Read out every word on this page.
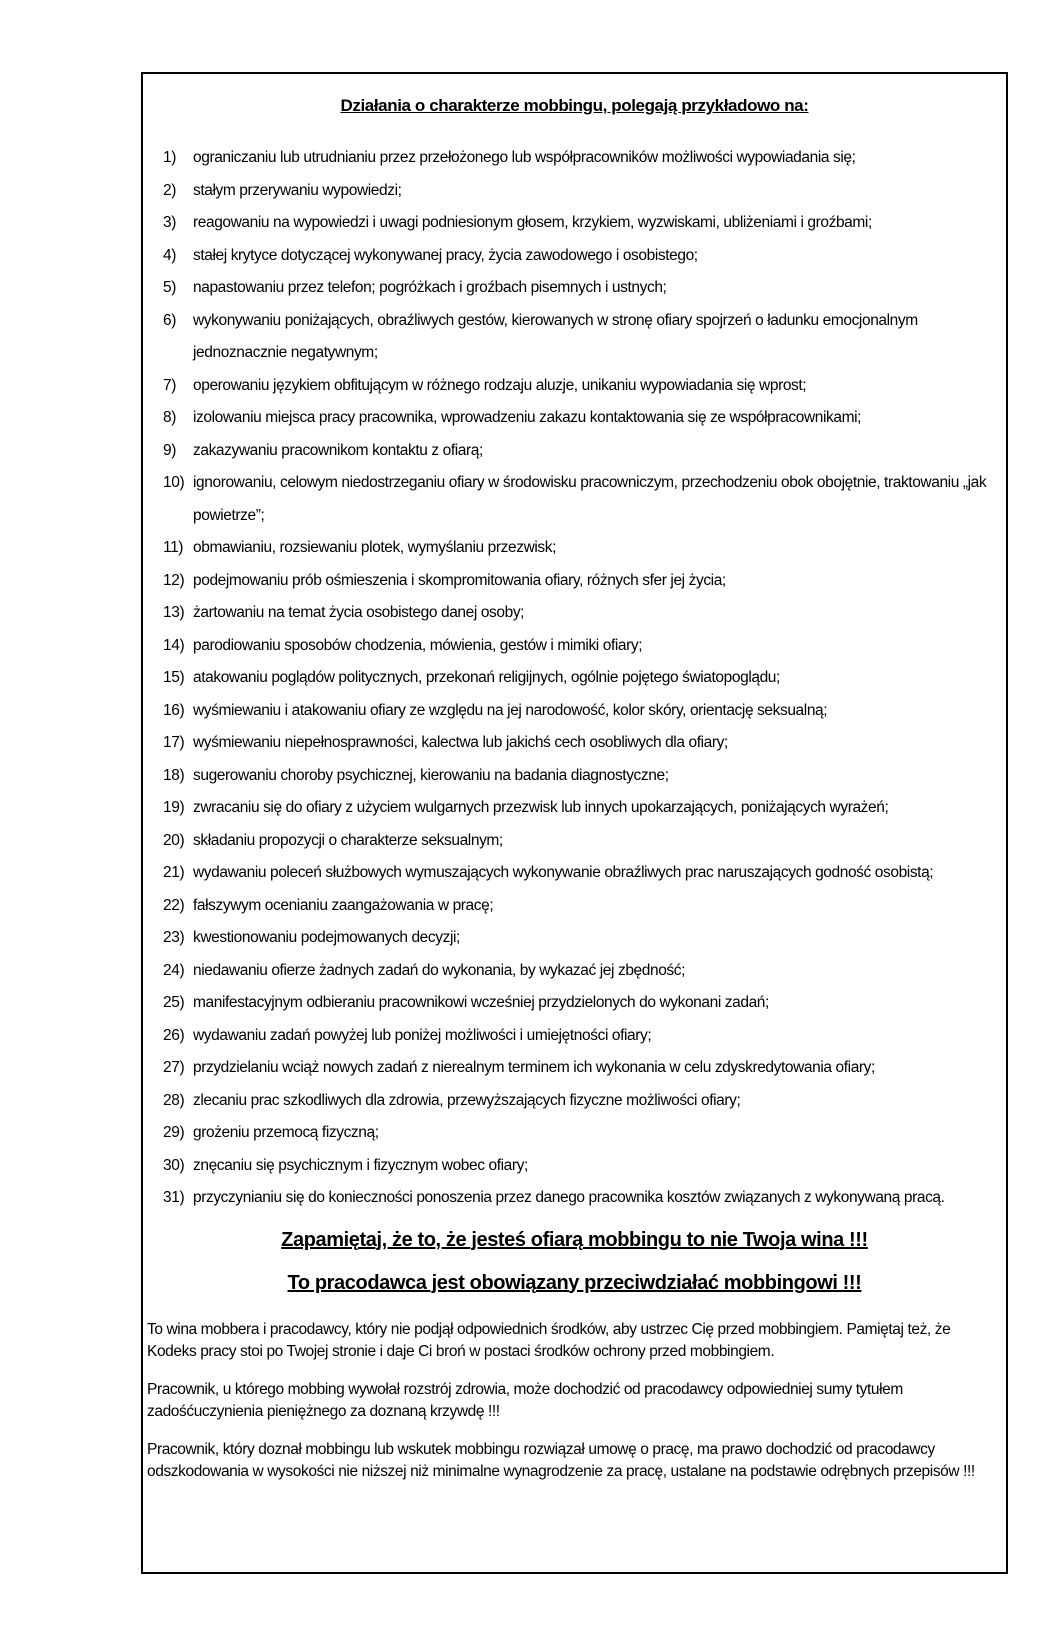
Działania o charakterze mobbingu, polegają przykładowo na:
1)	ograniczaniu lub utrudnianiu przez przełożonego lub współpracowników możliwości wypowiadania się;
2)	stałym przerywaniu wypowiedzi;
3)	reagowaniu na wypowiedzi i uwagi podniesionym głosem, krzykiem, wyzwiskami, ubliżeniami i groźbami;
4)	stałej krytyce dotyczącej wykonywanej pracy, życia zawodowego i osobistego;
5)	napastowaniu przez telefon; pogróżkach i groźbach pisemnych i ustnych;
6)	wykonywaniu poniżających, obraźliwych gestów, kierowanych w stronę ofiary spojrzeń o ładunku emocjonalnym jednoznacznie negatywnym;
7)	operowaniu językiem obfitującym w różnego rodzaju aluzje, unikaniu wypowiadania się wprost;
8)	izolowaniu miejsca pracy pracownika, wprowadzeniu zakazu kontaktowania się ze współpracownikami;
9)	zakazywaniu pracownikom kontaktu z ofiarą;
10) ignorowaniu, celowym niedostrzeganiu ofiary w środowisku pracowniczym, przechodzeniu obok obojętnie, traktowaniu „jak powietrze”;
11) obmawianiu, rozsiewaniu plotek, wymyślaniu przezwisk;
12) podejmowaniu prób ośmieszenia i skompromitowania ofiary, różnych sfer jej życia;
13) żartowaniu na temat życia osobistego danej osoby;
14) parodiowaniu sposobów chodzenia, mówienia, gestów i mimiki ofiary;
15) atakowaniu poglądów politycznych, przekonań religijnych, ogólnie pojętego światopoglądu;
16) wyśmiewaniu i atakowaniu ofiary ze względu na jej narodowość, kolor skóry, orientację seksualną;
17) wyśmiewaniu niepełnosprawności, kalectwa lub jakichś cech osobliwych dla ofiary;
18) sugerowaniu choroby psychicznej, kierowaniu na badania diagnostyczne;
19) zwracaniu się do ofiary z użyciem wulgarnych przezwisk lub innych upokarzających, poniżających wyrażeń;
20) składaniu propozycji o charakterze seksualnym;
21) wydawaniu poleceń służbowych wymuszających wykonywanie obraźliwych prac naruszających godność osobistą;
22) fałszywym ocenianiu zaangażowania w pracę;
23) kwestionowaniu podejmowanych decyzji;
24) niedawaniu ofierze żadnych zadań do wykonania, by wykazać jej zbędność;
25) manifestacyjnym odbieraniu pracownikowi wcześniej przydzielonych do wykonani zadań;
26) wydawaniu zadań powyżej lub poniżej możliwości i umiejętności ofiary;
27) przydzielaniu wciąż nowych zadań z nierealnym terminem ich wykonania w celu zdyskredytowania ofiary;
28) zlecaniu prac szkodliwych dla zdrowia, przewyższających fizyczne możliwości ofiary;
29) grożeniu przemocą fizyczną;
30) znęcaniu się psychicznym i fizycznym wobec ofiary;
31) przyczynianiu się do konieczności ponoszenia przez danego pracownika kosztów związanych z wykonywaną pracą.
Zapamiętaj, że to, że jesteś ofiarą mobbingu to nie Twoja wina !!!
To pracodawca jest obowiązany przeciwdziałać mobbingowi !!!

To wina mobbera i pracodawcy, który nie podjął odpowiednich środków, aby ustrzec Cię przed mobbingiem. Pamiętaj też, że Kodeks pracy stoi po Twojej stronie i daje Ci broń w postaci środków ochrony przed mobbingiem.

Pracownik, u którego mobbing wywołał rozstrój zdrowia, może dochodzić od pracodawcy odpowiedniej sumy tytułem zadośćuczynienia pieniężnego za doznaną krzywdę !!!

Pracownik, który doznał mobbingu lub wskutek mobbingu rozwiązał umowę o pracę, ma prawo dochodzić od pracodawcy odszkodowania w wysokości nie niższej niż minimalne wynagrodzenie za pracę, ustalane na podstawie odrębnych przepisów !!!
